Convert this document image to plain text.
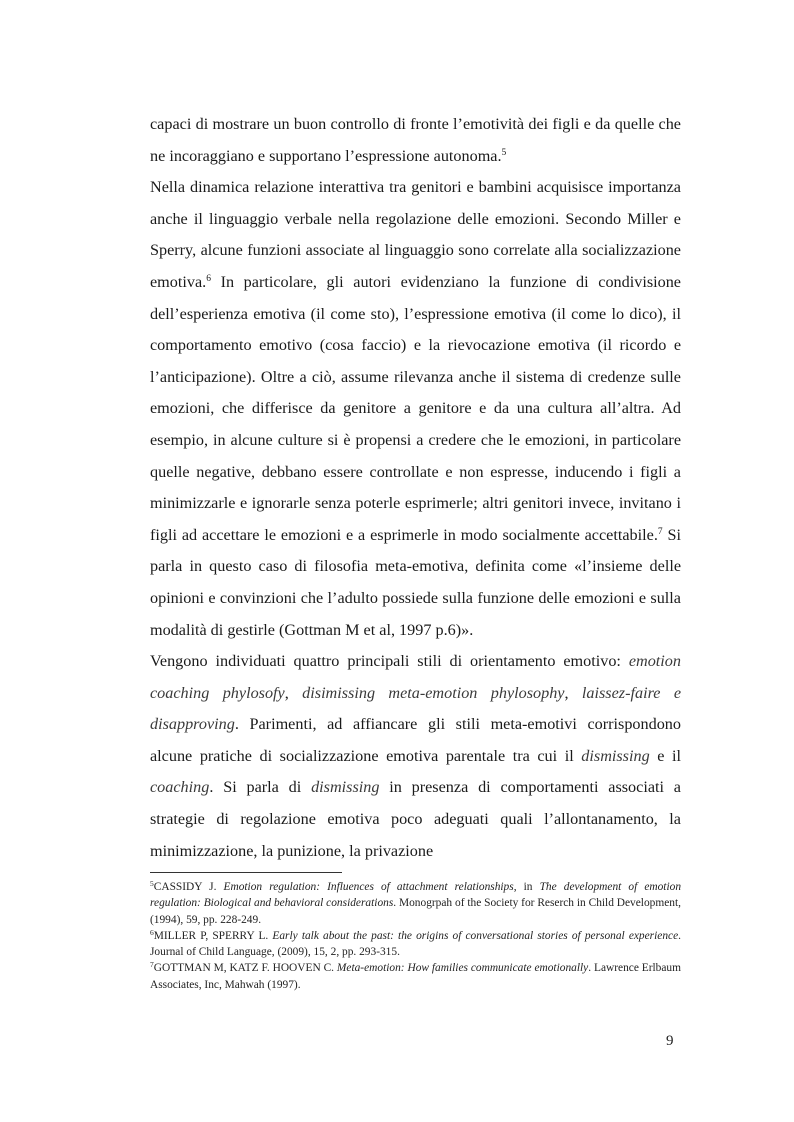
capaci di mostrare un buon controllo di fronte l’emotività dei figli e da quelle che ne incoraggiano e supportano l’espressione autonoma.$^5$

Nella dinamica relazione interattiva tra genitori e bambini acquisisce importanza anche il linguaggio verbale nella regolazione delle emozioni. Secondo Miller e Sperry, alcune funzioni associate al linguaggio sono correlate alla socializzazione emotiva.$^6$ In particolare, gli autori evidenziano la funzione di condivisione dell’esperienza emotiva (il come sto), l’espressione emotiva (il come lo dico), il comportamento emotivo (cosa faccio) e la rievocazione emotiva (il ricordo e l’anticipazione). Oltre a ciò, assume rilevanza anche il sistema di credenze sulle emozioni, che differisce da genitore a genitore e da una cultura all’altra. Ad esempio, in alcune culture si è propensi a credere che le emozioni, in particolare quelle negative, debbano essere controllate e non espresse, inducendo i figli a minimizzarle e ignorarle senza poterle esprimerle; altri genitori invece, invitano i figli ad accettare le emozioni e a esprimerle in modo socialmente accettabile.$^7$ Si parla in questo caso di filosofia meta-emotiva, definita come «l’insieme delle opinioni e convinzioni che l’adulto possiede sulla funzione delle emozioni e sulla modalità di gestirle (Gottman M et al, 1997 p.6)».

Vengono individuati quattro principali stili di orientamento emotivo: emotion coaching phylosofy, disimissing meta-emotion phylosophy, laissez-faire e disapproving. Parimenti, ad affiancare gli stili meta-emotivi corrispondono alcune pratiche di socializzazione emotiva parentale tra cui il dismissing e il coaching. Si parla di dismissing in presenza di comportamenti associati a strategie di regolazione emotiva poco adeguati quali l’allontanamento, la minimizzazione, la punizione, la privazione

$^5$CASSIDY J. Emotion regulation: Influences of attachment relationships, in The development of emotion regulation: Biological and behavioral considerations. Monogrpah of the Society for Reserch in Child Development, (1994), 59, pp. 228-249.

$^6$MILLER P, SPERRY L. Early talk about the past: the origins of conversational stories of personal experience. Journal of Child Language, (2009), 15, 2, pp. 293-315.

$^7$GOTTMAN M, KATZ F. HOOVEN C. Meta-emotion: How families communicate emotionally. Lawrence Erlbaum Associates, Inc, Mahwah (1997).

9
